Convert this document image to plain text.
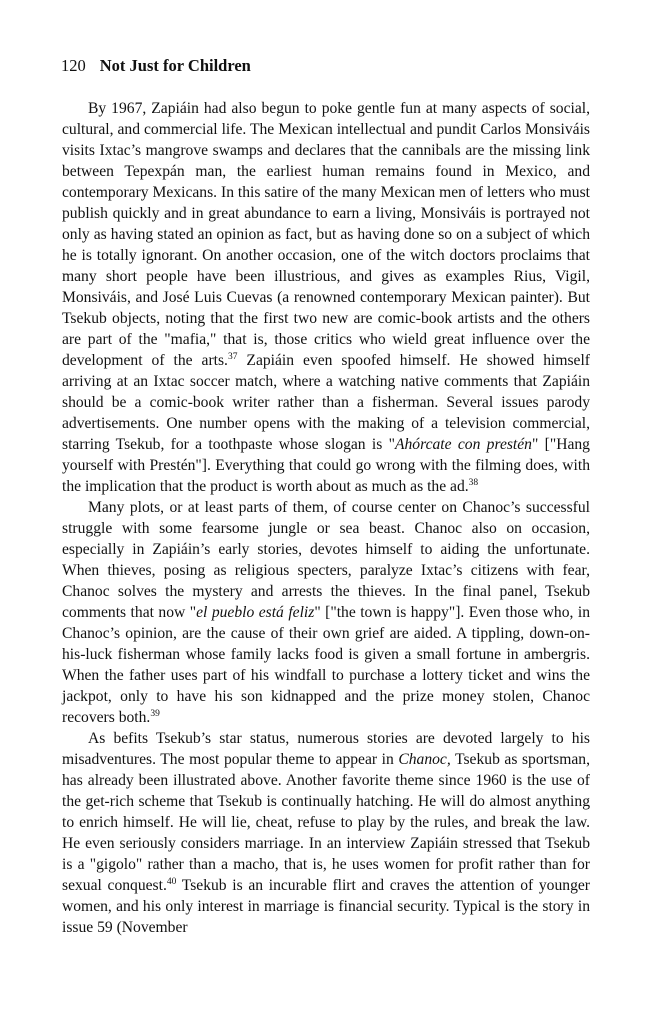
120 Not Just for Children

By 1967, Zapiáin had also begun to poke gentle fun at many aspects of social, cultural, and commercial life. The Mexican intellectual and pundit Carlos Monsiváis visits Ixtac’s mangrove swamps and declares that the cannibals are the missing link between Tepexpán man, the earliest human remains found in Mexico, and contemporary Mexicans. In this satire of the many Mexican men of letters who must publish quickly and in great abundance to earn a living, Monsiváis is portrayed not only as having stated an opinion as fact, but as having done so on a subject of which he is totally ignorant. On another occasion, one of the witch doctors proclaims that many short people have been illustrious, and gives as examples Rius, Vigil, Monsiváis, and José Luis Cuevas (a renowned contemporary Mexican painter). But Tsekub objects, noting that the first two new are comic-book artists and the others are part of the "mafia," that is, those critics who wield great influence over the development of the arts.$^{37}$ Zapiáin even spoofed himself. He showed himself arriving at an Ixtac soccer match, where a watching native comments that Zapiáin should be a comic-book writer rather than a fisherman. Several issues parody advertisements. One number opens with the making of a television commercial, starring Tsekub, for a toothpaste whose slogan is "Ahórcate con prestén" ["Hang yourself with Prestén"]. Everything that could go wrong with the filming does, with the implication that the product is worth about as much as the ad.$^{38}$

Many plots, or at least parts of them, of course center on Chanoc’s successful struggle with some fearsome jungle or sea beast. Chanoc also on occasion, especially in Zapiáin’s early stories, devotes himself to aiding the unfortunate. When thieves, posing as religious specters, paralyze Ixtac’s citizens with fear, Chanoc solves the mystery and arrests the thieves. In the final panel, Tsekub comments that now "el pueblo está feliz" ["the town is happy"]. Even those who, in Chanoc’s opinion, are the cause of their own grief are aided. A tippling, down-on-his-luck fisherman whose family lacks food is given a small fortune in ambergris. When the father uses part of his windfall to purchase a lottery ticket and wins the jackpot, only to have his son kidnapped and the prize money stolen, Chanoc recovers both.$^{39}$

As befits Tsekub’s star status, numerous stories are devoted largely to his misadventures. The most popular theme to appear in Chanoc, Tsekub as sportsman, has already been illustrated above. Another favorite theme since 1960 is the use of the get-rich scheme that Tsekub is continually hatching. He will do almost anything to enrich himself. He will lie, cheat, refuse to play by the rules, and break the law. He even seriously considers marriage. In an interview Zapiáin stressed that Tsekub is a "gigolo" rather than a macho, that is, he uses women for profit rather than for sexual conquest.$^{40}$ Tsekub is an incurable flirt and craves the attention of younger women, and his only interest in marriage is financial security. Typical is the story in issue 59 (November
